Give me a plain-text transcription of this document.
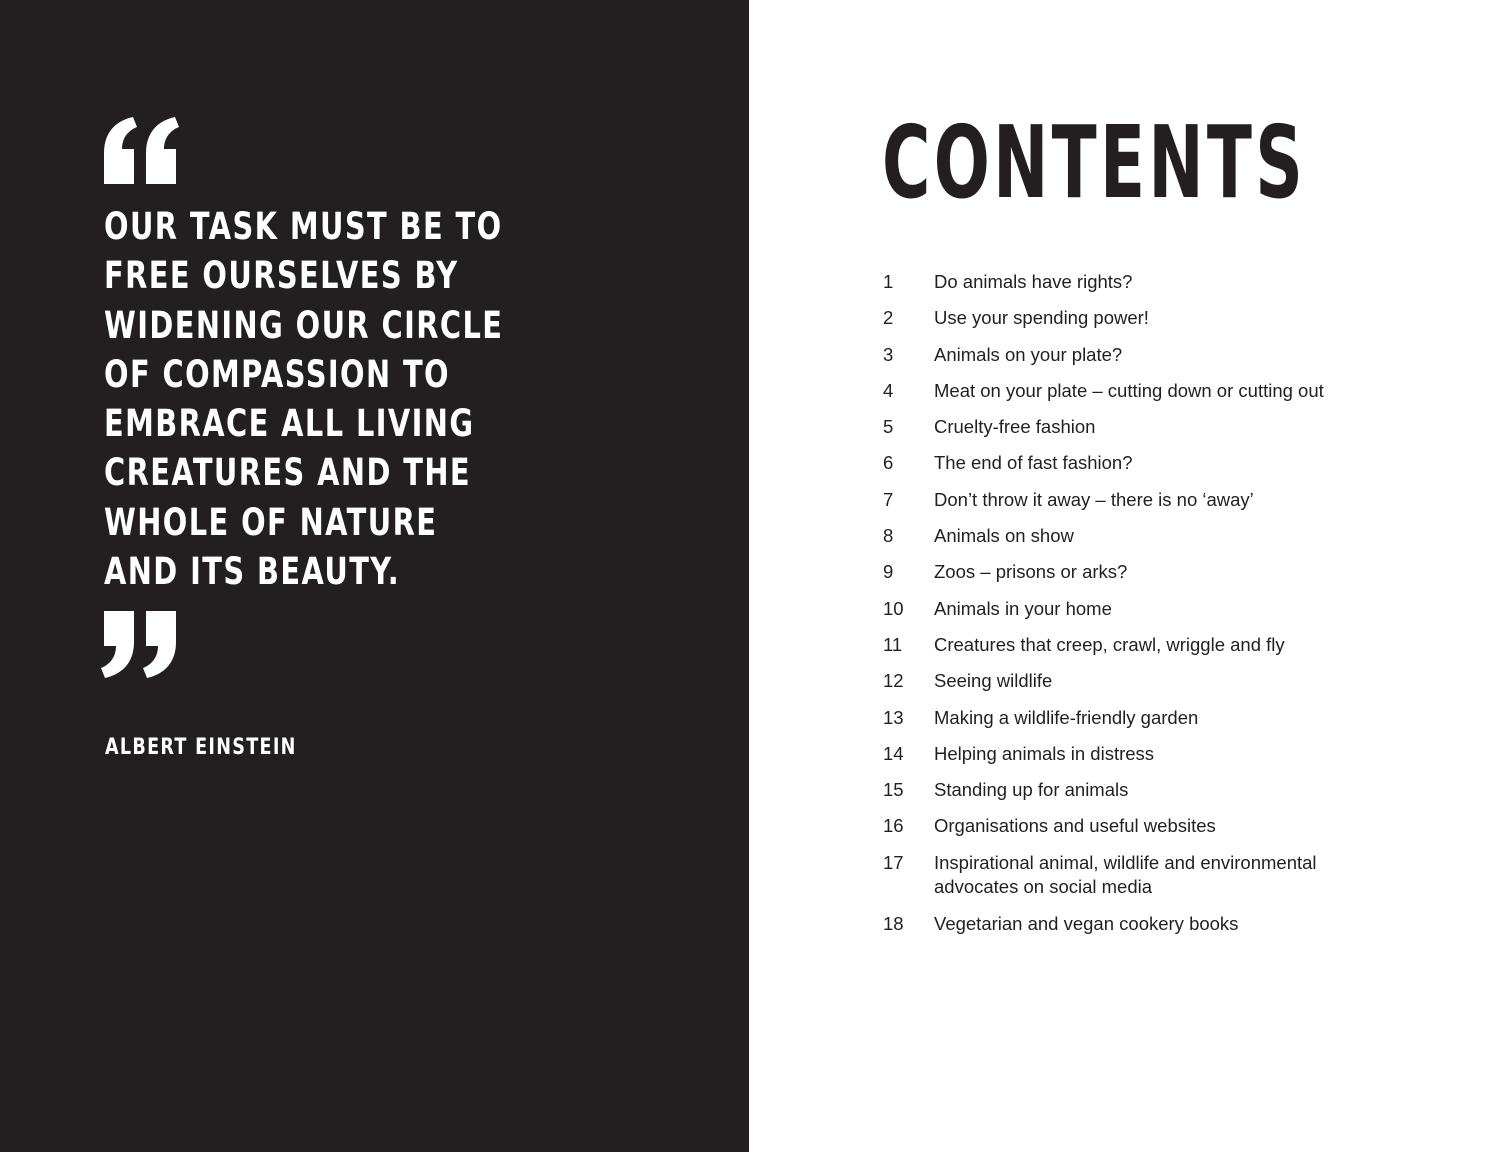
OUR TASK MUST BE TO
FREE OURSELVES BY
WIDENING OUR CIRCLE
OF COMPASSION TO
EMBRACE ALL LIVING
CREATURES AND THE
WHOLE OF NATURE
AND ITS BEAUTY.

ALBERT EINSTEIN

CONTENTS
1	Do animals have rights?
2	Use your spending power!
3	Animals on your plate?
4	Meat on your plate – cutting down or cutting out
5	Cruelty-free fashion
6	The end of fast fashion?
7	Don’t throw it away – there is no ‘away’
8	Animals on show
9	Zoos – prisons or arks?
10	Animals in your home
11	Creatures that creep, crawl, wriggle and fly
12	Seeing wildlife
13	Making a wildlife-friendly garden
14	Helping animals in distress
15	Standing up for animals
16	Organisations and useful websites
17	Inspirational animal, wildlife and environmental
advocates on social media
18	Vegetarian and vegan cookery books
